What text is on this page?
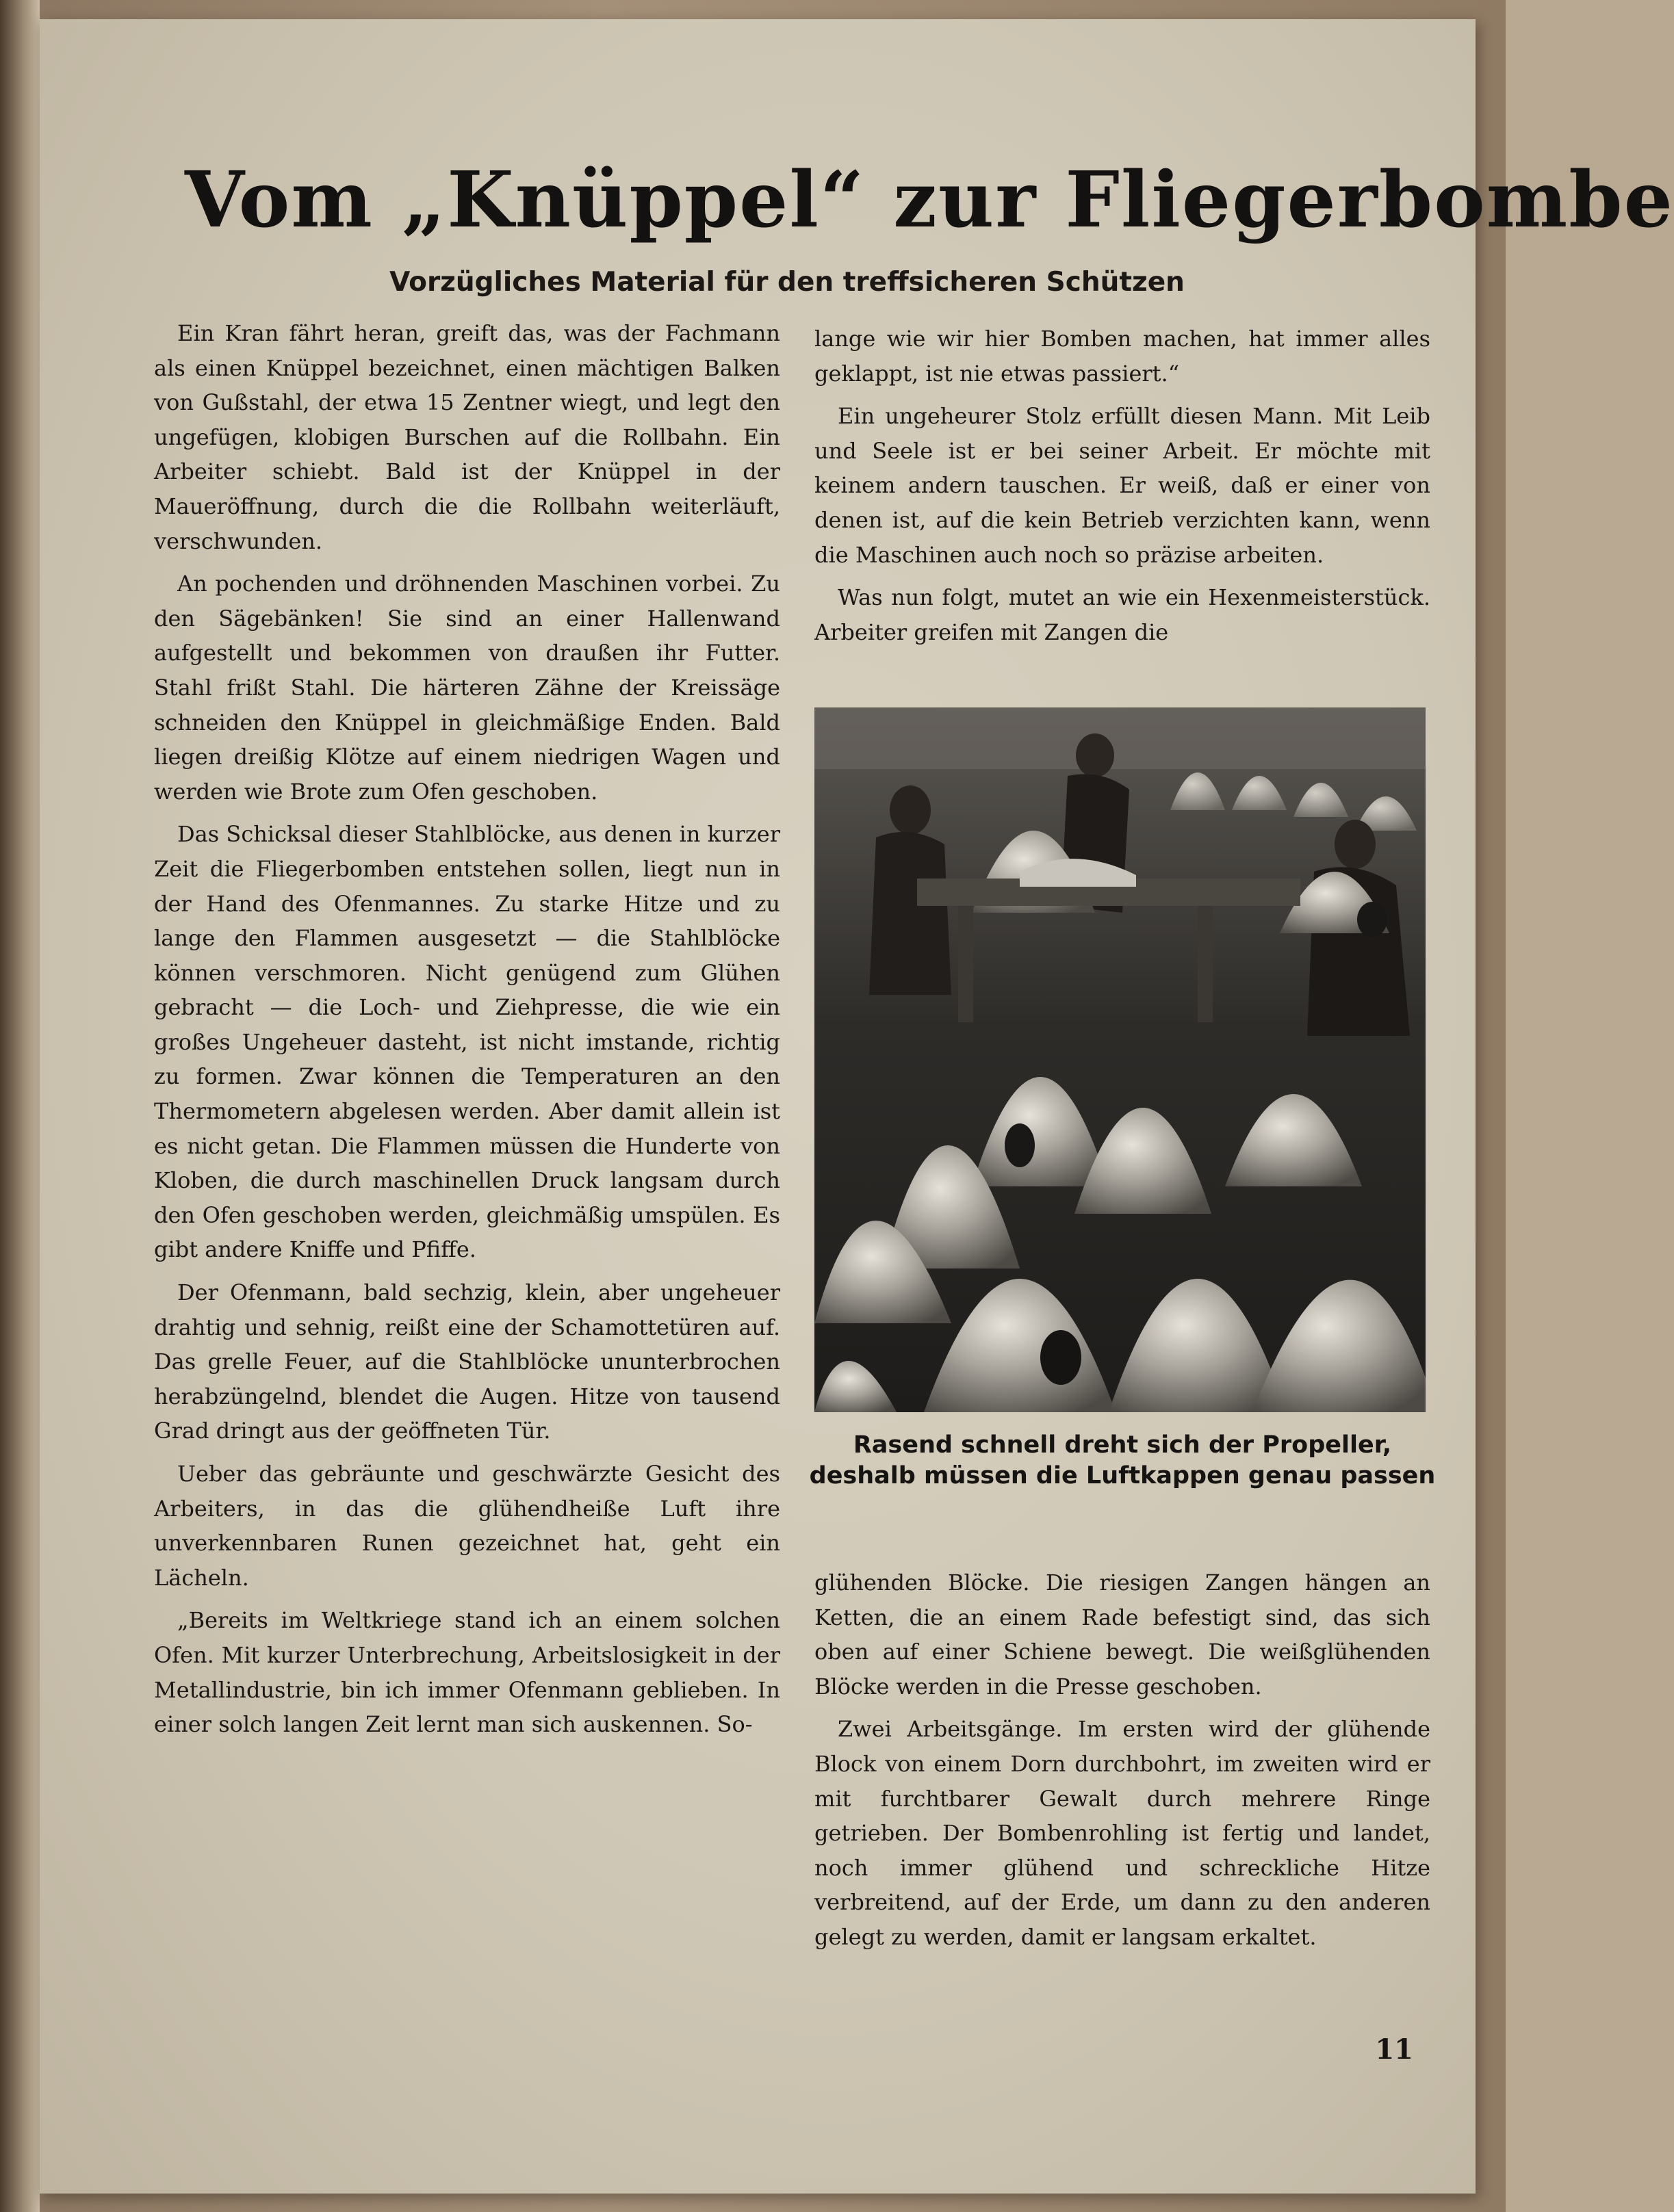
Vom „Knüppel“ zur Fliegerbombe
Vorzügliches Material für den treffsicheren Schützen

Ein Kran fährt heran, greift das, was der Fachmann als einen Knüppel bezeichnet, einen mächtigen Balken von Gußstahl, der etwa 15 Zentner wiegt, und legt den ungefügen, klobigen Burschen auf die Rollbahn. Ein Arbeiter schiebt. Bald ist der Knüppel in der Maueröffnung, durch die die Rollbahn weiterläuft, verschwunden.

An pochenden und dröhnenden Maschinen vorbei. Zu den Sägebänken! Sie sind an einer Hallenwand aufgestellt und bekommen von draußen ihr Futter. Stahl frißt Stahl. Die härteren Zähne der Kreissäge schneiden den Knüppel in gleichmäßige Enden. Bald liegen dreißig Klötze auf einem niedrigen Wagen und werden wie Brote zum Ofen geschoben.

Das Schicksal dieser Stahlblöcke, aus denen in kurzer Zeit die Fliegerbomben entstehen sollen, liegt nun in der Hand des Ofenmannes. Zu starke Hitze und zu lange den Flammen ausgesetzt — die Stahlblöcke können verschmoren. Nicht genügend zum Glühen gebracht — die Loch- und Ziehpresse, die wie ein großes Ungeheuer dasteht, ist nicht imstande, richtig zu formen. Zwar können die Temperaturen an den Thermometern abgelesen werden. Aber damit allein ist es nicht getan. Die Flammen müssen die Hunderte von Kloben, die durch maschinellen Druck langsam durch den Ofen geschoben werden, gleichmäßig umspülen. Es gibt andere Kniffe und Pfiffe.

Der Ofenmann, bald sechzig, klein, aber ungeheuer drahtig und sehnig, reißt eine der Schamottetüren auf. Das grelle Feuer, auf die Stahlblöcke ununterbrochen herabzüngelnd, blendet die Augen. Hitze von tausend Grad dringt aus der geöffneten Tür.

Ueber das gebräunte und geschwärzte Gesicht des Arbeiters, in das die glühendheiße Luft ihre unverkennbaren Runen gezeichnet hat, geht ein Lächeln.

„Bereits im Weltkriege stand ich an einem solchen Ofen. Mit kurzer Unterbrechung, Arbeitslosigkeit in der Metallindustrie, bin ich immer Ofenmann geblieben. In einer solch langen Zeit lernt man sich auskennen. So-

lange wie wir hier Bomben machen, hat immer alles geklappt, ist nie etwas passiert.“

Ein ungeheurer Stolz erfüllt diesen Mann. Mit Leib und Seele ist er bei seiner Arbeit. Er möchte mit keinem andern tauschen. Er weiß, daß er einer von denen ist, auf die kein Betrieb verzichten kann, wenn die Maschinen auch noch so präzise arbeiten.

Was nun folgt, mutet an wie ein Hexenmeisterstück. Arbeiter greifen mit Zangen die

Rasend schnell dreht sich der Propeller, deshalb müssen die Luftkappen genau passen

glühenden Blöcke. Die riesigen Zangen hängen an Ketten, die an einem Rade befestigt sind, das sich oben auf einer Schiene bewegt. Die weißglühenden Blöcke werden in die Presse geschoben.

Zwei Arbeitsgänge. Im ersten wird der glühende Block von einem Dorn durchbohrt, im zweiten wird er mit furchtbarer Gewalt durch mehrere Ringe getrieben. Der Bombenrohling ist fertig und landet, noch immer glühend und schreckliche Hitze verbreitend, auf der Erde, um dann zu den anderen gelegt zu werden, damit er langsam erkaltet.

11
